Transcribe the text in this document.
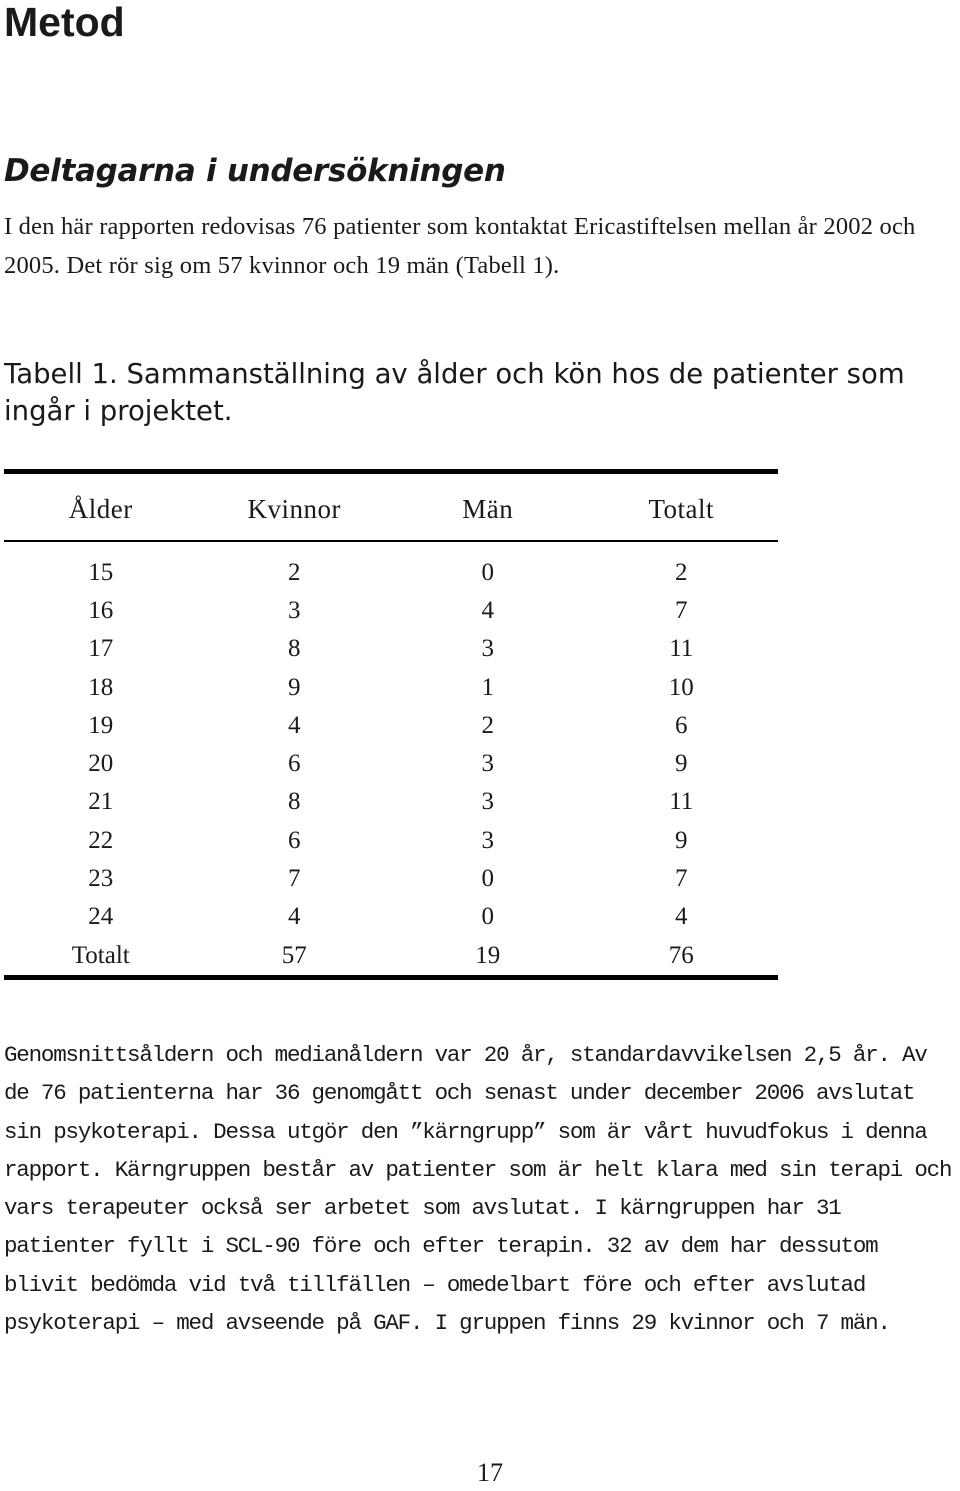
Metod
Deltagarna i undersökningen

I den här rapporten redovisas 76 patienter som kontaktat Ericastiftelsen mellan år 2002 och 2005. Det rör sig om 57 kvinnor och 19 män (Tabell 1).

Tabell 1. Sammanställning av ålder och kön hos de patienter som ingår i projektet.

Ålder	Kvinnor	Män	Totalt

15	2	0	2
16	3	4	7
17	8	3	11
18	9	1	10
19	4	2	6
20	6	3	9
21	8	3	11
22	6	3	9
23	7	0	7
24	4	0	4
Totalt	57	19	76

Genomsnittsåldern och medianåldern var 20 år, standardavvikelsen 2,5 år. Av de 76 patienterna har 36 genomgått och senast under december 2006 avslutat sin psykoterapi. Dessa utgör den ”kärngrupp” som är vårt huvudfokus i denna rapport. Kärngruppen består av patienter som är helt klara med sin terapi och vars terapeuter också ser arbetet som avslutat. I kärngruppen har 31 patienter fyllt i SCL-90 före och efter terapin. 32 av dem har dessutom blivit bedömda vid två tillfällen – omedelbart före och efter avslutad psykoterapi – med avseende på GAF. I gruppen finns 29 kvinnor och 7 män.

17
